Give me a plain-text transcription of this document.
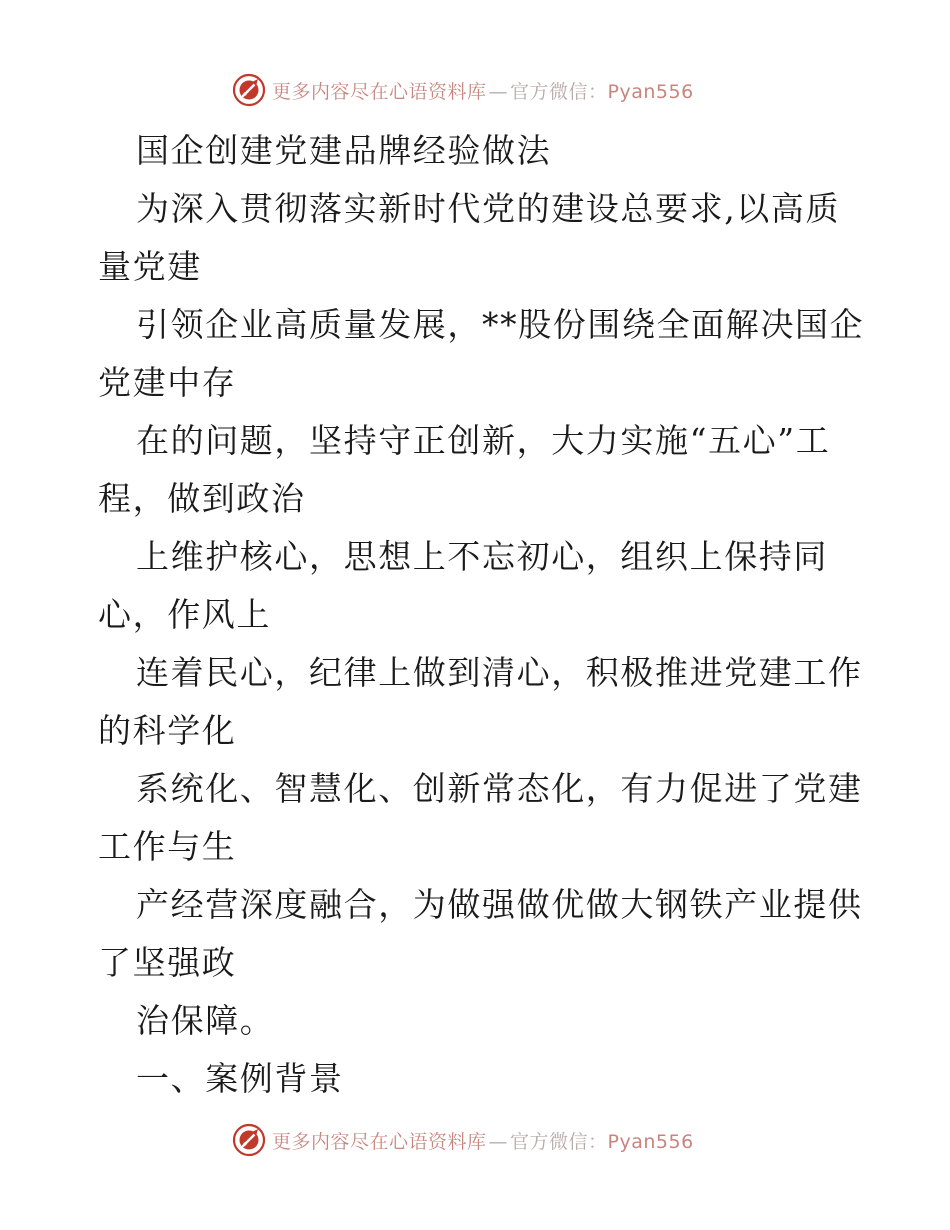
更多内容尽在心语资料库 — 官方微信：Pyan556
国企创建党建品牌经验做法
为深入贯彻落实新时代党的建设总要求,以高质
量党建
引领企业高质量发展，**股份围绕全面解决国企
党建中存
在的问题，坚持守正创新，大力实施“五心”工
程，做到政治
上维护核心，思想上不忘初心，组织上保持同
心，作风上
连着民心，纪律上做到清心，积极推进党建工作
的科学化
系统化、智慧化、创新常态化，有力促进了党建
工作与生
产经营深度融合，为做强做优做大钢铁产业提供
了坚强政
治保障。
一、案例背景
更多内容尽在心语资料库 — 官方微信：Pyan556
